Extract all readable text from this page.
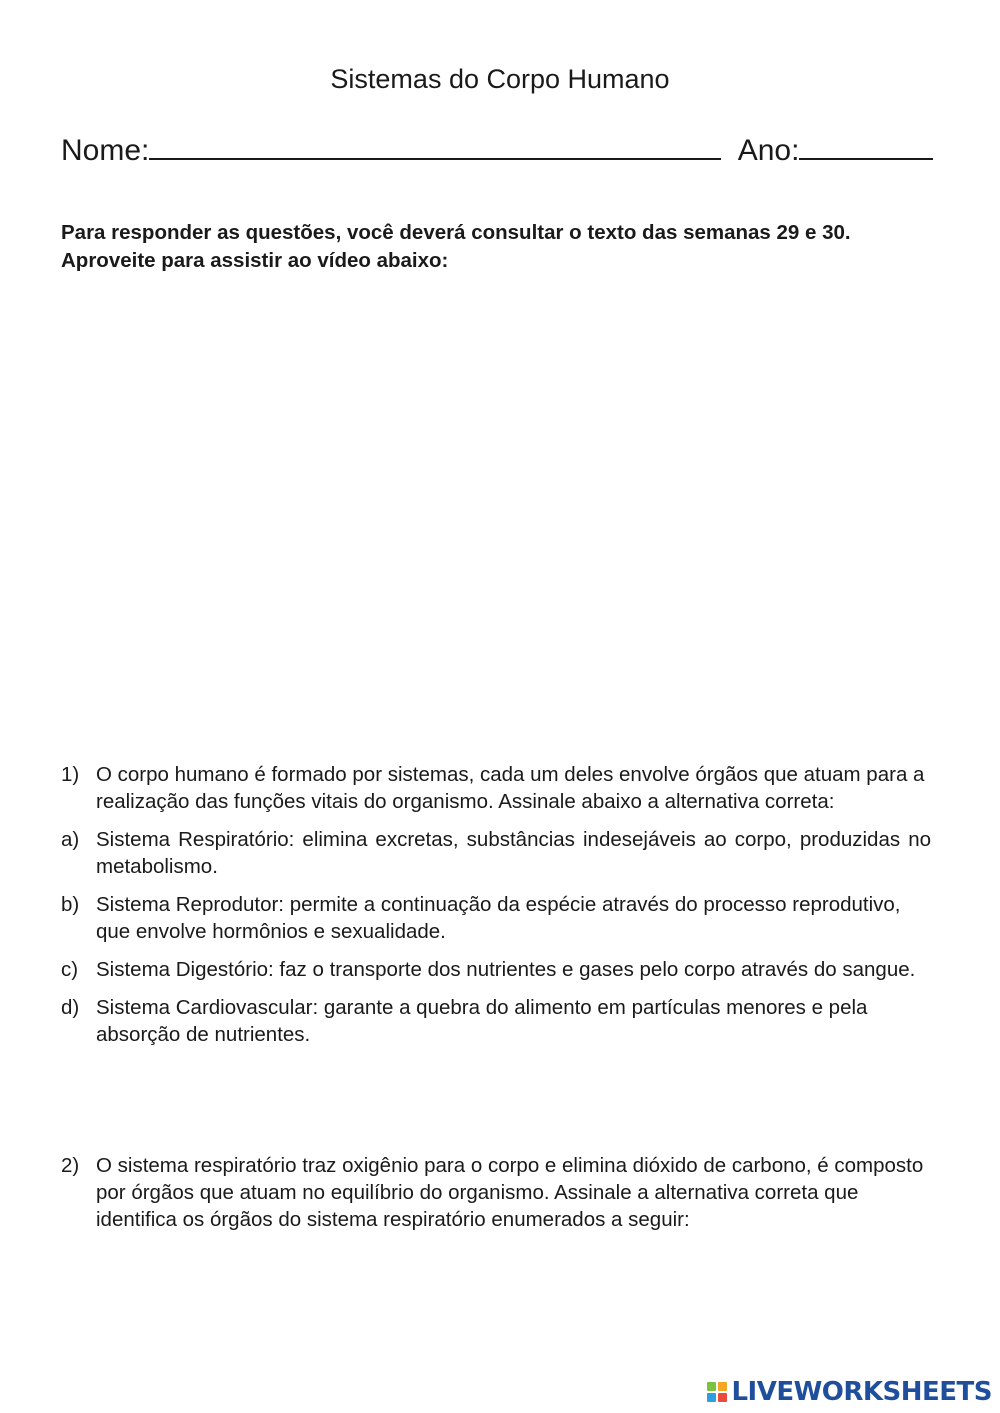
Sistemas do Corpo Humano
Nome:	Ano:
Para responder as questões, você deverá consultar o texto das semanas 29 e 30. Aproveite para assistir ao vídeo abaixo:
1) O corpo humano é formado por sistemas, cada um deles envolve órgãos que atuam para a realização das funções vitais do organismo. Assinale abaixo a alternativa correta:
a) Sistema Respiratório: elimina excretas, substâncias indesejáveis ao corpo, produzidas no metabolismo.
b) Sistema Reprodutor: permite a continuação da espécie através do processo reprodutivo, que envolve hormônios e sexualidade.
c) Sistema Digestório: faz o transporte dos nutrientes e gases pelo corpo através do sangue.
d) Sistema Cardiovascular: garante a quebra do alimento em partículas menores e pela absorção de nutrientes.
2) O sistema respiratório traz oxigênio para o corpo e elimina dióxido de carbono, é composto por órgãos que atuam no equilíbrio do organismo. Assinale a alternativa correta que identifica os órgãos do sistema respiratório enumerados a seguir:
LIVEWORKSHEETS
